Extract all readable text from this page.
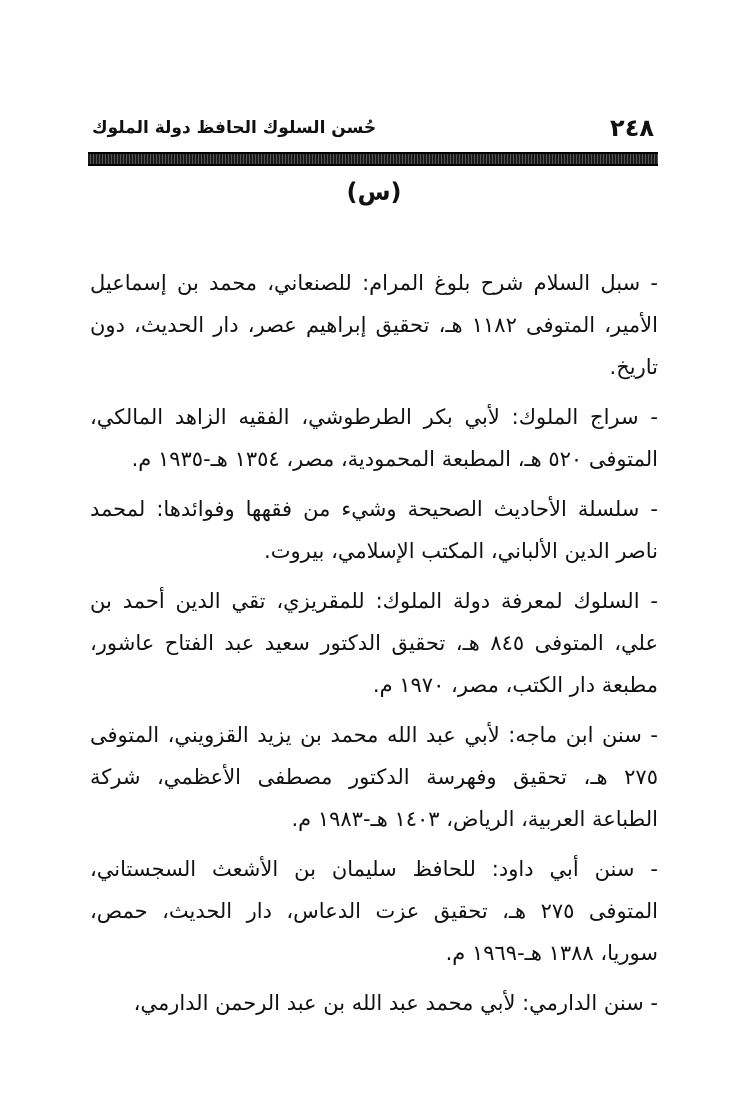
٢٤٨
حُسن السلوك الحافظ دولة الملوك
(س)

- سبل السلام شرح بلوغ المرام: للصنعاني، محمد بن إسماعيل الأمير، المتوفى ١١٨٢ هـ، تحقيق إبراهيم عصر، دار الحديث، دون تاريخ.

- سراج الملوك: لأبي بكر الطرطوشي، الفقيه الزاهد المالكي، المتوفى ٥٢٠ هـ، المطبعة المحمودية، مصر، ١٣٥٤ هـ-١٩٣٥ م.

- سلسلة الأحاديث الصحيحة وشيء من فقهها وفوائدها: لمحمد ناصر الدين الألباني، المكتب الإسلامي، بيروت.

- السلوك لمعرفة دولة الملوك: للمقريزي، تقي الدين أحمد بن علي، المتوفى ٨٤٥ هـ، تحقيق الدكتور سعيد عبد الفتاح عاشور، مطبعة دار الكتب، مصر، ١٩٧٠ م.

- سنن ابن ماجه: لأبي عبد الله محمد بن يزيد القزويني، المتوفى ٢٧٥ هـ، تحقيق وفهرسة الدكتور مصطفى الأعظمي، شركة الطباعة العربية، الرياض، ١٤٠٣ هـ-١٩٨٣ م.

- سنن أبي داود: للحافظ سليمان بن الأشعث السجستاني، المتوفى ٢٧٥ هـ، تحقيق عزت الدعاس، دار الحديث، حمص، سوريا، ١٣٨٨ هـ-١٩٦٩ م.

- سنن الدارمي: لأبي محمد عبد الله بن عبد الرحمن الدارمي،
